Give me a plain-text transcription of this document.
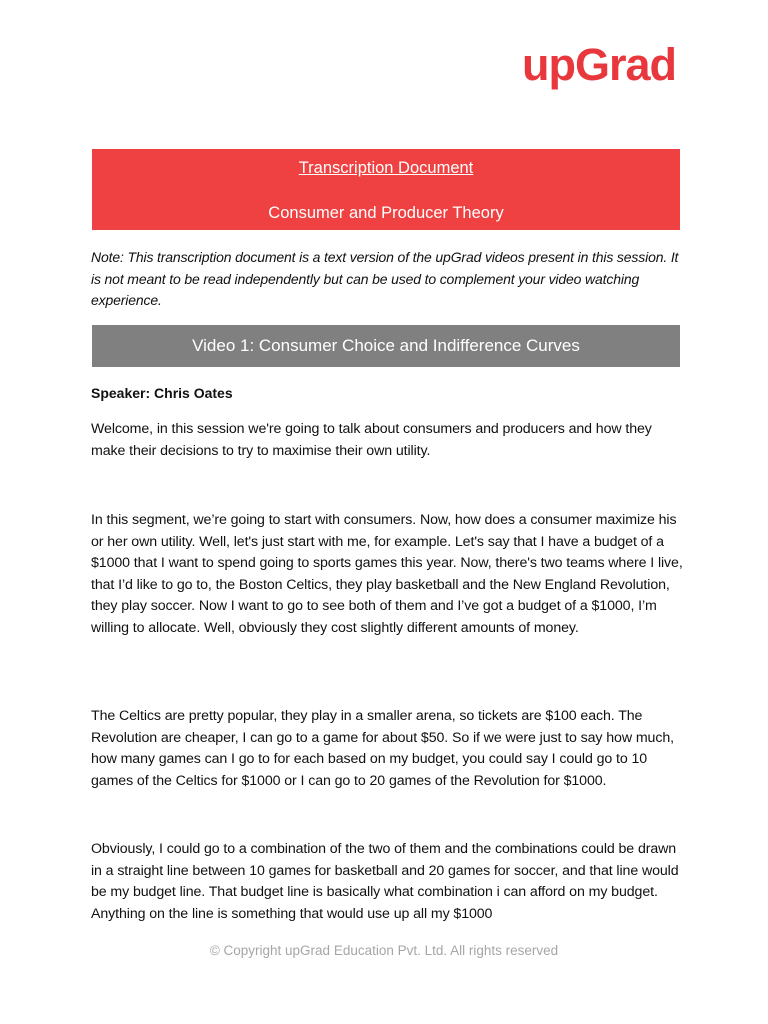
upGrad
Transcription Document
Consumer and Producer Theory
Note: This transcription document is a text version of the upGrad videos present in this session. It is not meant to be read independently but can be used to complement your video watching experience.
Video 1: Consumer Choice and Indifference Curves
Speaker: Chris Oates
Welcome, in this session we're going to talk about consumers and producers and how they make their decisions to try to maximise their own utility.
In this segment, we’re going to start with consumers. Now, how does a consumer maximize his or her own utility. Well, let's just start with me, for example. Let's say that I have a budget of a $1000 that I want to spend going to sports games this year. Now, there's two teams where I live, that I’d like to go to, the Boston Celtics, they play basketball and the New England Revolution, they play soccer. Now I want to go to see both of them and I’ve got a budget of a $1000, I’m willing to allocate. Well, obviously they cost slightly different amounts of money.
The Celtics are pretty popular, they play in a smaller arena, so tickets are $100 each. The Revolution are cheaper, I can go to a game for about $50. So if we were just to say how much, how many games can I go to for each based on my budget, you could say I could go to 10 games of the Celtics for $1000 or I can go to 20 games of the Revolution for $1000.
Obviously, I could go to a combination of the two of them and the combinations could be drawn in a straight line between 10 games for basketball and 20 games for soccer, and that line would be my budget line. That budget line is basically what combination i can afford on my budget. Anything on the line is something that would use up all my $1000
© Copyright upGrad Education Pvt. Ltd. All rights reserved
